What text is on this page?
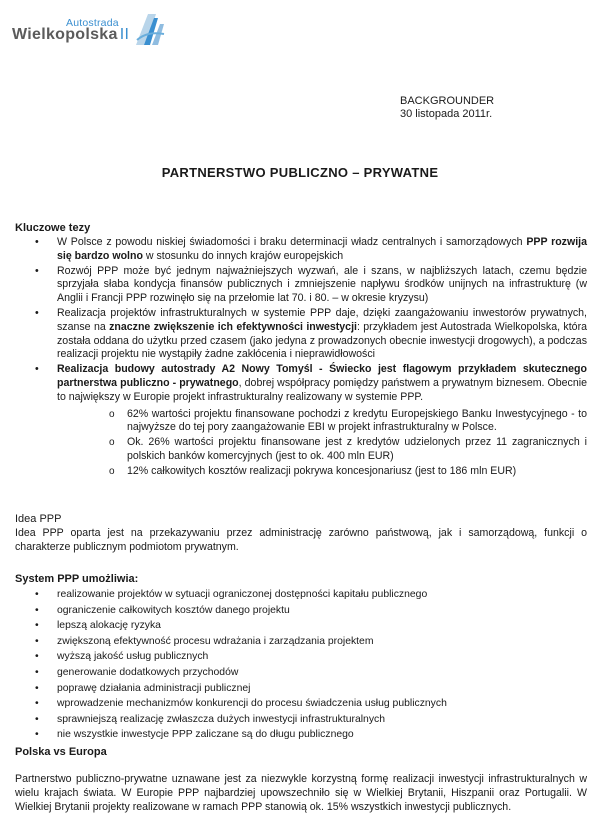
Autostrada
Wielkopolska II
BACKGROUNDER
30 listopada 2011r.
PARTNERSTWO PUBLICZNO – PRYWATNE
Kluczowe tezy
• W Polsce z powodu niskiej świadomości i braku determinacji władz centralnych i samorządowych PPP rozwija się bardzo wolno w stosunku do innych krajów europejskich
• Rozwój PPP może być jednym najważniejszych wyzwań, ale i szans, w najbliższych latach, czemu będzie sprzyjała słaba kondycja finansów publicznych i zmniejszenie napływu środków unijnych na infrastrukturę (w Anglii i Francji PPP rozwinęło się na przełomie lat 70. i 80. – w okresie kryzysu)
• Realizacja projektów infrastrukturalnych w systemie PPP daje, dzięki zaangażowaniu inwestorów prywatnych, szanse na znaczne zwiększenie ich efektywności inwestycji: przykładem jest Autostrada Wielkopolska, która została oddana do użytku przed czasem (jako jedyna z prowadzonych obecnie inwestycji drogowych), a podczas realizacji projektu nie wystąpiły żadne zakłócenia i nieprawidłowości
• Realizacja budowy autostrady A2 Nowy Tomyśl - Świecko jest flagowym przykładem skutecznego partnerstwa publiczno - prywatnego, dobrej współpracy pomiędzy państwem a prywatnym biznesem. Obecnie to największy w Europie projekt infrastrukturalny realizowany w systemie PPP.
o 62% wartości projektu finansowane pochodzi z kredytu Europejskiego Banku Inwestycyjnego - to najwyższe do tej pory zaangażowanie EBI w projekt infrastrukturalny w Polsce.
o Ok. 26% wartości projektu finansowane jest z kredytów udzielonych przez 11 zagranicznych i polskich banków komercyjnych (jest to ok. 400 mln EUR)
o 12% całkowitych kosztów realizacji pokrywa koncesjonariusz (jest to 186 mln EUR)
Idea PPP
Idea PPP oparta jest na przekazywaniu przez administrację zarówno państwową, jak i samorządową, funkcji o charakterze publicznym podmiotom prywatnym.
System PPP umożliwia:
• realizowanie projektów w sytuacji ograniczonej dostępności kapitału publicznego
• ograniczenie całkowitych kosztów danego projektu
• lepszą alokację ryzyka
• zwiększoną efektywność procesu wdrażania i zarządzania projektem
• wyższą jakość usług publicznych
• generowanie dodatkowych przychodów
• poprawę działania administracji publicznej
• wprowadzenie mechanizmów konkurencji do procesu świadczenia usług publicznych
• sprawniejszą realizację zwłaszcza dużych inwestycji infrastrukturalnych
• nie wszystkie inwestycje PPP zaliczane są do długu publicznego
Polska vs Europa
Partnerstwo publiczno-prywatne uznawane jest za niezwykle korzystną formę realizacji inwestycji infrastrukturalnych w wielu krajach świata. W Europie PPP najbardziej upowszechniło się w Wielkiej Brytanii, Hiszpanii oraz Portugalii. W Wielkiej Brytanii projekty realizowane w ramach PPP stanowią ok. 15% wszystkich inwestycji publicznych.
